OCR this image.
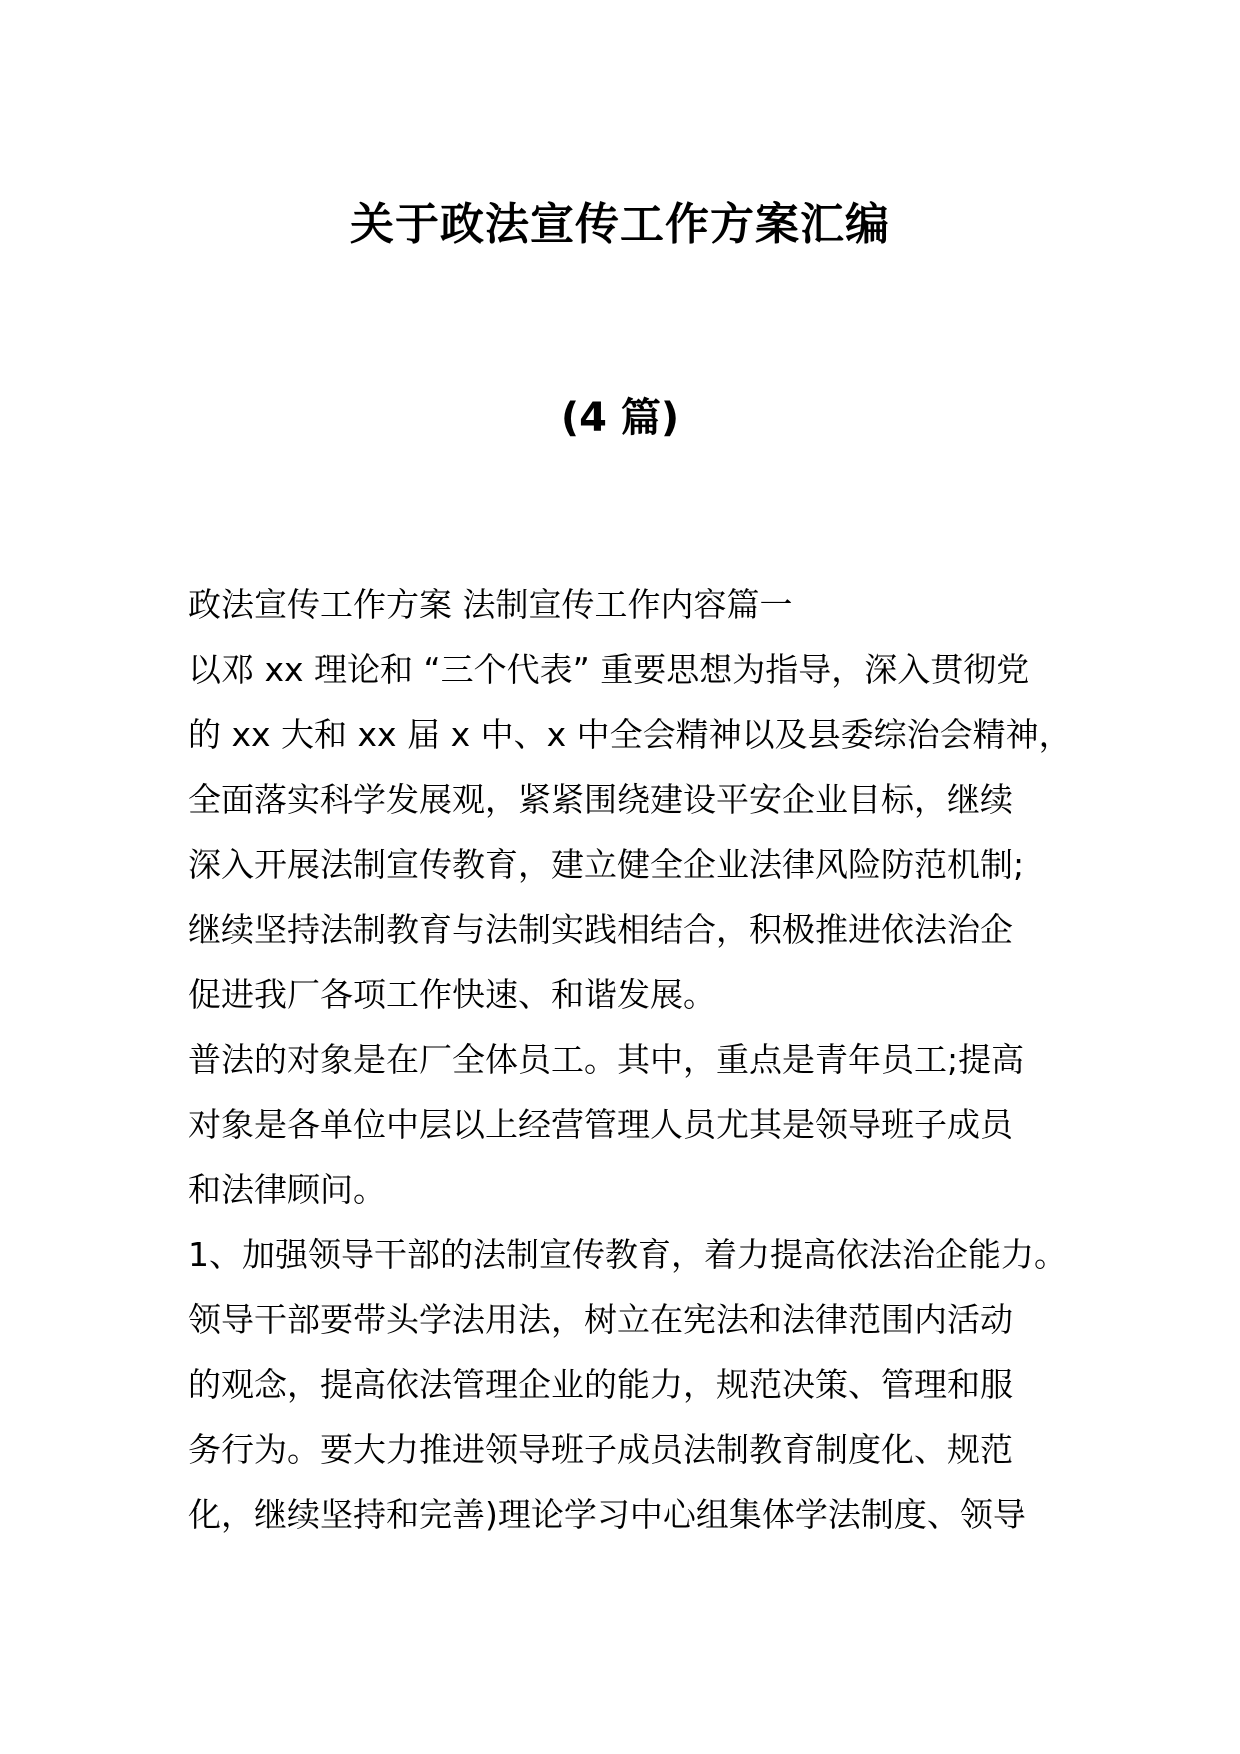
关于政法宣传工作方案汇编
(4 篇)
政法宣传工作方案 法制宣传工作内容篇一
以邓 xx 理论和 “三个代表” 重要思想为指导，深入贯彻党
的 xx 大和 xx 届 x 中、x 中全会精神以及县委综治会精神，
全面落实科学发展观，紧紧围绕建设平安企业目标，继续
深入开展法制宣传教育，建立健全企业法律风险防范机制;
继续坚持法制教育与法制实践相结合，积极推进依法治企
促进我厂各项工作快速、和谐发展。
普法的对象是在厂全体员工。其中，重点是青年员工;提高
对象是各单位中层以上经营管理人员尤其是领导班子成员
和法律顾问。
1、加强领导干部的法制宣传教育，着力提高依法治企能力。
领导干部要带头学法用法，树立在宪法和法律范围内活动
的观念，提高依法管理企业的能力，规范决策、管理和服
务行为。要大力推进领导班子成员法制教育制度化、规范
化，继续坚持和完善)理论学习中心组集体学法制度、领导
